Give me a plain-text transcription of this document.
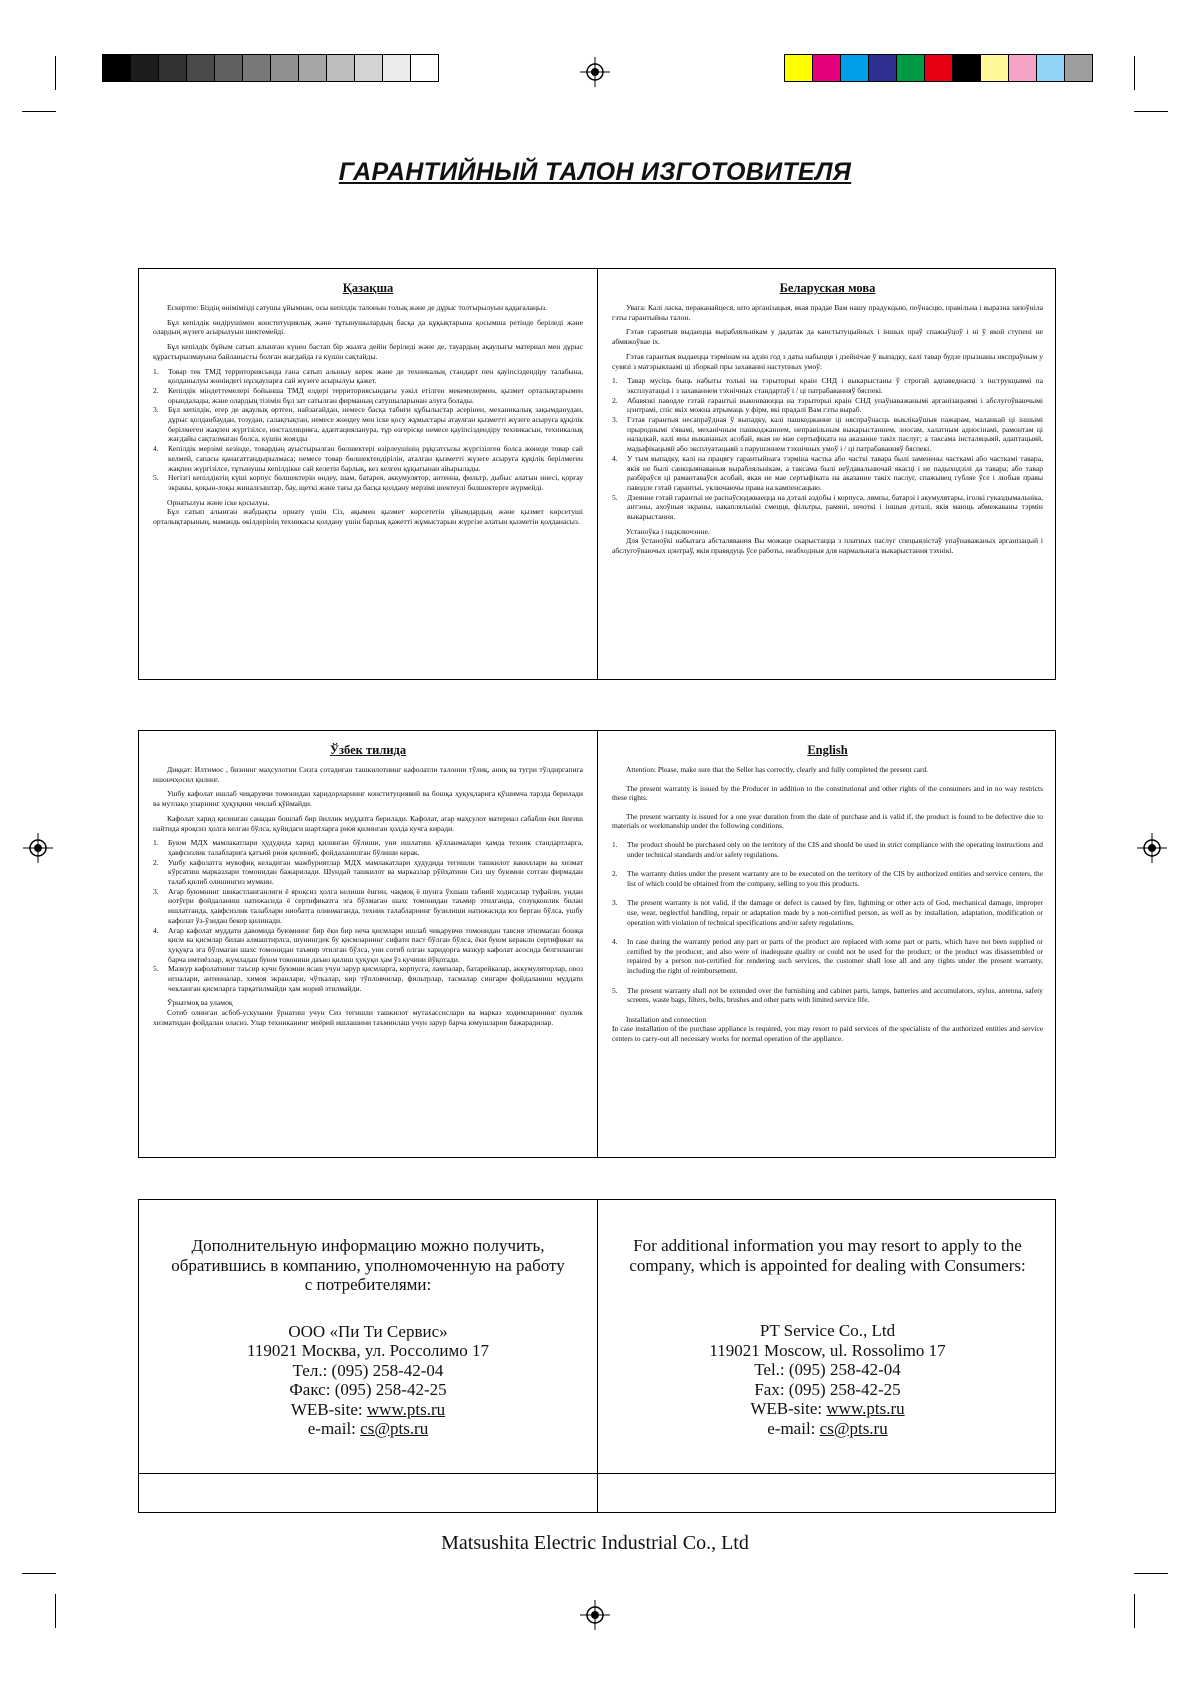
ГАРАНТИЙНЫЙ ТАЛОН ИЗГОТОВИТЕЛЯ
Қазақша

Ескертпе: Біздің өнімімізді сатушы ұйымнан, осы кепілдік талонын толық және де дұрыс толтырылуын қадағалаңыз.

Бұл кепілдік өндірушімен конституциялық және тұтынушылардың басқа да құқықтарына қосымша ретінде беріледі және олардың жүзеге асырылуын шектемейді.

Бұл кепілдік бұйым сатып алынған күнен бастап бір жылға дейін беріледі және де, тауардың ақаулығы материал мен дұрыс құрастырылмауына байланысты болған жағдайда ға күшін сақтайды.

Товар тек ТМД территориясында ғана сатып алыныу керек және де техникалық стандарт пен қауіпсіздендіру талабына, қолданылуы жөніндегі нұсқауларға сай жүзеге асырылуы қажет.
Кепілдік міндеттемелері бойынша ТМД елдері территориясындағы уәкіл етілген мекемелермен, қызмет орталықтарымен орындалады, және олардың тізімін бұл зат сатылған фирманың сатушыларынан алуға болады.
Бұл кепілдік, егер де ақаулық өртген, найзағайдан, немесе басқа табиғи құбылыстар әсерінен, механикалық зақымданудан, дұрыс қолданбаудан, тозудан, салақтықтан, немесе жөндеу мен іске қосу жұмыстары атаулған қызметті жүзеге асыруға құқілік берілмеген жақпен жүргізілсе, инсталляцияға, адаптацияланура, тұр өзгерісқе немесе қауіпсіздендіру техникасын, техникалық жағдайы сақталмаған болса, күшін жоязды
Кепілдік мерзімі кезінде, товардың ауыстырылған бөлшектері өзірлеушінің рұқсатсызы жүргізілген болса жөнеде товар сай келмей, сапасы қанағаттандырылмаса; немесе товар бөлшектендірілін, аталған қызметті жүзеге асыруға құқілік берілмеген жақпен жүргізілсе, тұтынушы кепілдікке сай келетін барлық, кез келген құқығынан айырылады.
Негізгі кепілдіктің күші корпус бөлшектерін өндеу, шам, батарея, аккумулятор, антенна, фильтр, дыбыс алатын инесі, қорғау экраны, қоқын-лоқы жиналғыштар, бау, щеткі және тағы да басқа қолдану мерзімі шектеулі бөлшектерге жүрмейді.

Орнатылуы және іске қосылуы.

Бұл сатып алынған жабдықты орнату үшін Сіз, ақымен қызмет көрсететін ұйымдардың және қызмет көрсетуші орталықтарының, мамандь өкілдерінің техникасы қолдану үшін барлық қажетті жұмыстарын жүргізе алатын қызметін қолданасыз.

Беларуская мова

Увага: Калі ласка, пераканайцеся, што арганізацыя, якая прадае Вам нашу прадукцыю, поўнасцю, правільна і выразна запоўніла гэты гарантыйны талон.

Гэтая гарантыя выдаецца вырабляльнікам у дадатак да канстытуцыйных і іншых праў спажыўцоў і ні ў якой ступені не абмяжоўвае іх.

Гэтая гарантыя выдаецца тэрмінам на адзін год з даты набыцця і дзейнічае ў выпадку, калі тавар будзе прызнаны няспраўным у сувязі з матэрыялаамі ці зборкай пры захаванні наступных умоў:

Тавар мусіць быць набыты толькі на тэрыторыі краін СНД і выкарыстаны ў строгай адпаведнасці з інструкцыямі па эксплуатацыі і з захаваннем тэхнічных стандартаў і / ці патрабаванняў бяспекі.
Абавязкі паводле гэтай гарантыі выконваюцца на тэрыторыі краін СНД упаўнаважанымі арганізацыямі і абслугоўваючымі цэнтрамі, спіс якіх можна атрымаць у фірм, які прадалі Вам гэты выраб.
Гэтая гарантыя несапраўдная ў выпадку, калі пашкоджанне ці няспраўнасць выклікаўшыя пажарам, маланкай ці іншымі прыроднымі з'явамі, механічным пашкоджаннем, неправільным выкарыстаннем, зносам, халатным адносінамі, рамонтам ці наладкай, калі яны выкананых асобай, якая не мае сертыфіката на аказанне такіх паслуг; а таксама інсталяцыяй, адаптацыяй, мадыфікацыяй або эксплуатацыяй з парушэннем тэхнічных умоў і / ці патрабаванняў бяспекі.
У тым выпадку, калі на працягу гарантыйнага тэрміна частка або часткі тавара былі заменены часткамі або часткамі тавара, якія не былі санкцыянаваныя вырабляльнікам, а таксама былі неўдавальнючай якасці і не падыходзілі да тавара; або тавар разбіраўся ці рамантаваўся асобай, якая не мае сертыфіката на аказанне такіх паслуг, спажывец губляе ўсе і любыя правы паводле гэтай гарантыі, уключаючы права на кампенсацыю.
Дзеянне гэтай гарантыі не распаўсюджваецца на дэталі аздобы і корпуса, лямпы, батарэі і акумулятары, іголкі гуказдымальніка, антэны, ахоўныя экраны, накапляльнікі смецця, фільтры, рамяні, шчоткі і іншыя дэталі, якія маюць абмежаваны тэрмін выкарыстання.

Устаноўка і падключэнне.

Для ўстаноўкі набытага абсталявання Вы можаце скарыстацца з платных паслуг спецыялістаў упаўнаважаных арганізацый і абслугоўваючых цэнтраў, якія правядуць ўсе работы, неабходныя для нармальнага выкарыстання тэхнікі.

Ўзбек тилида

Диққат: Илтимос , бизнинг маҳсулотни Сизга сотадиган ташкилотнинг кафолатли талонни тўлиқ, аниқ ва тугри тўлдиргапига ишончҳосил қилинг.

Ушбу кафолат ишлаб чиқарувчи томонидан харидорларнинг конституциявий ва бошқа ҳуқуқларига қўшимча тарзда берилади ва мутлақо уларнинг ҳуқуқини чеклаб қўймайди.

Кафолат харид қилинган санадан бошлаб бир йиллик муддатга берилади. Кафолат, агар маҳсулот материал сабабли ёки йиғиш пайтида яроқсиз ҳолга келган бўлса, қуйидаги шартларга риоя қилинган ҳолда кучга киради.

Буюм МДХ мамлакатлари ҳудудида харид қилинган бўлиши, уни ишлатиш қўлланмалари ҳамда техник стандартларга, ҳавфсизлик талабларига қатъий риоя қилиниб, фойдаланилган бўлиши керак.
Ушбу кафолатга мувофиқ келадиган мажбуриятлар МДХ мамлакатлари ҳудудида тегишли ташкилот вакиллари ва хизмат кўрсатиш марказлари томонидан бажарилади. Шундай ташкилот ва марказлар рўйҳатини Сиз шу буюмни сотган фирмадан талаб қилиб олишингиз мумкин.
Агар буюмнинг шикастланганлиги ё яроқсиз ҳолга келиши ёнғин, чақмоқ ё шунга ўхшаш табиий ходисалар туфайли, уидан нотўғри фойдаланиш натижасида ё сертификатга эга бўлмаган шахс томонидан таъмир этилганда, созуқконлик билан ишлатганда, ҳавфсизлик талаблари ниобатга олинмаганда, техник талабларнинг бузилиши натижасида юз берган бўлса, ушбу кафолат ўз-ўзидан бекор қилинади.
Агар кафолат муддати давомида буюмнинг бир ёки бир неча қисмлари ишлаб чиқарувчи томонидан тавсия этилмаган бошқа қисм ва қисмлар билан алмаштирлса, шунингдек бу қисмларнинг сифати паст бўлган бўлса, ёки буюм кераклн сертификат ва ҳуқуқга эга бўлмаган шахс томонидан таъмир этилган бўлса, уни сотиб олган харидорга мазкур кафолат асосида белгиланган барча имтиёзлар, жумладан буюм товонини даъво қилиш ҳуқуқи ҳам ўз кучини йўқотади.
Мазкур кафолатнинг таъсир кучи буюмни ясаш учун зарур қисмларга, корпусга, лампалар, батарейкалар, аккумуляторлар, овоз игналари, антенналар, химоя экранлари, чўткалар, кир тўпловчилар, фильтрлар, тасмалар сингари фойдаланиш муддати чекланган қисмларга тарқатилмайди ҳам жорий этилмайди.

Ўрнатмоқ ва уламоқ

Сотиб олинган асбоб-ускунани ўрнатиш учун Сиз тегишли ташкилот мутахассислари ва марказ ходимларининг пуллик хизматидан фойдалан оласиз. Улар техниканинг меёрий ишлашини таъминлаш учун зарур барча юмушларни бажарадилар.

English

Attention: Please, make sure that the Seller has correctly, clearly and fully completed the present card.

The present warranty is issued by the Producer in addition to the constitutional and other rights of the consumers and in no way restricts these rights.

The present warranty is issued for a one year duration from the date of purchase and is valid if, the product is found to be defective due to materials or workmanship under the following conditions.

The product should be purchased only on the territory of the CIS and should be used in strict compliance with the operating instructions and under technical standards and/or safety regulations.
The warranty duties under the present warranty are to be executed on the territory of the CIS by authorized entities and service centers, the list of which could be obtained from the company, selling to you this products.
The present warranty is not valid, if the damage or defect is caused by fire, lightning or other acts of God, mechanical damage, improper use, wear, neglectful handling, repair or adaptation made by a non-certified person, as well as by installation, adaptation, modification or operation with violation of technical specifications and/or safety regulations.
In case during the warranty period any part or parts of the product are replaced with some part or parts, which have not been supplied or certified by the producer, and also were of inadequate quality or could not be used for the product; or the product was disassembled or repaired by a person not-certified for rendering such services, the customer shall lose all and any rights under the present warranty, including the right of reimbursement.
The present warranty shall not be extended over the furnishing and cabinet parts, lamps, batteries and accumulators, stylus, antenna, safety screens, waste bags, filters, belts, brushes and other parts with limited service life.

Installation and connection

In case installation of the purchase appliance is required, you may resort to paid services of the specialists of the authorized entities and service centers to carry-out all necessary works for normal operation of the appliance.

Дополнительную информацию можно получить,
обратившись в компанию, уполномоченную на работу
с потребителями:
ООО «Пи Ти Сервис»
119021 Москва, ул. Россолимо 17
Тел.: (095) 258-42-04
Факс: (095) 258-42-25
WEB-site: www.pts.ru
e-mail: cs@pts.ru
For additional information you may resort to apply to the
company, which is appointed for dealing with Consumers:
PT Service Co., Ltd
119021 Moscow, ul. Rossolimo 17
Tel.: (095) 258-42-04
Fax: (095) 258-42-25
WEB-site: www.pts.ru
e-mail: cs@pts.ru
Matsushita Electric Industrial Co., Ltd
